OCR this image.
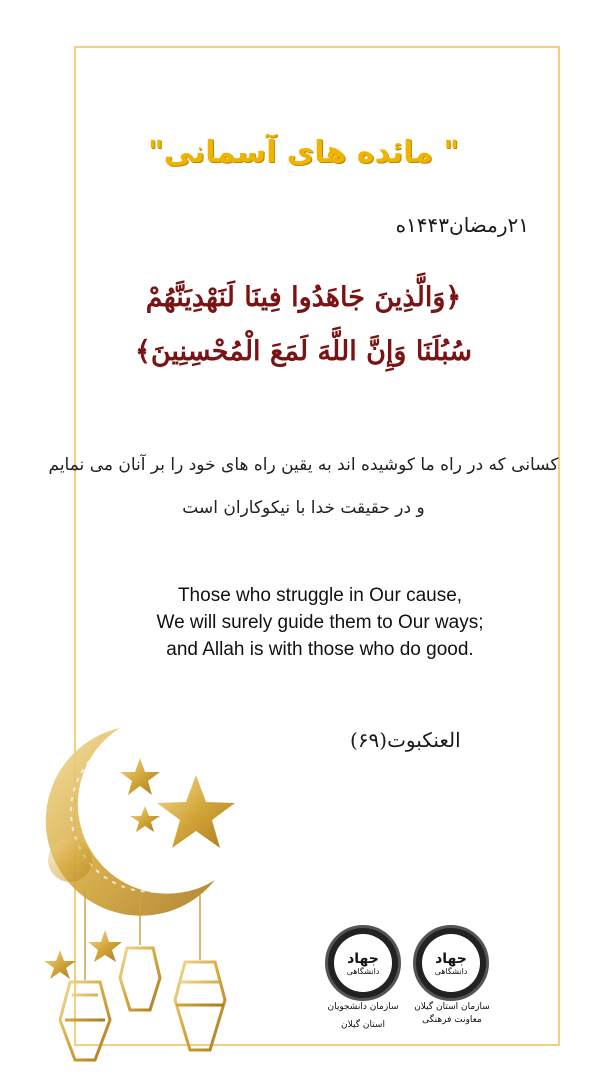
" مائده های آسمانی"
۲۱رمضان۱۴۴۳ه
﴿وَالَّذِينَ جَاهَدُوا فِينَا لَنَهْدِيَنَّهُمْ
سُبُلَنَا وَإِنَّ اللَّهَ لَمَعَ الْمُحْسِنِينَ﴾
کسانی که در راه ما کوشیده اند به یقین راه های خود را بر آنان می نمایم
و در حقیقت خدا با نیکوکاران است
Those who struggle in Our cause,
We will surely guide them to Our ways;
and Allah is with those who do good.
العنکبوت(۶۹)
جهاد
دانشگاهی
سازمان دانشجویان
استان گیلان
جهاد
دانشگاهی
سازمان استان گیلان
معاونت فرهنگی
